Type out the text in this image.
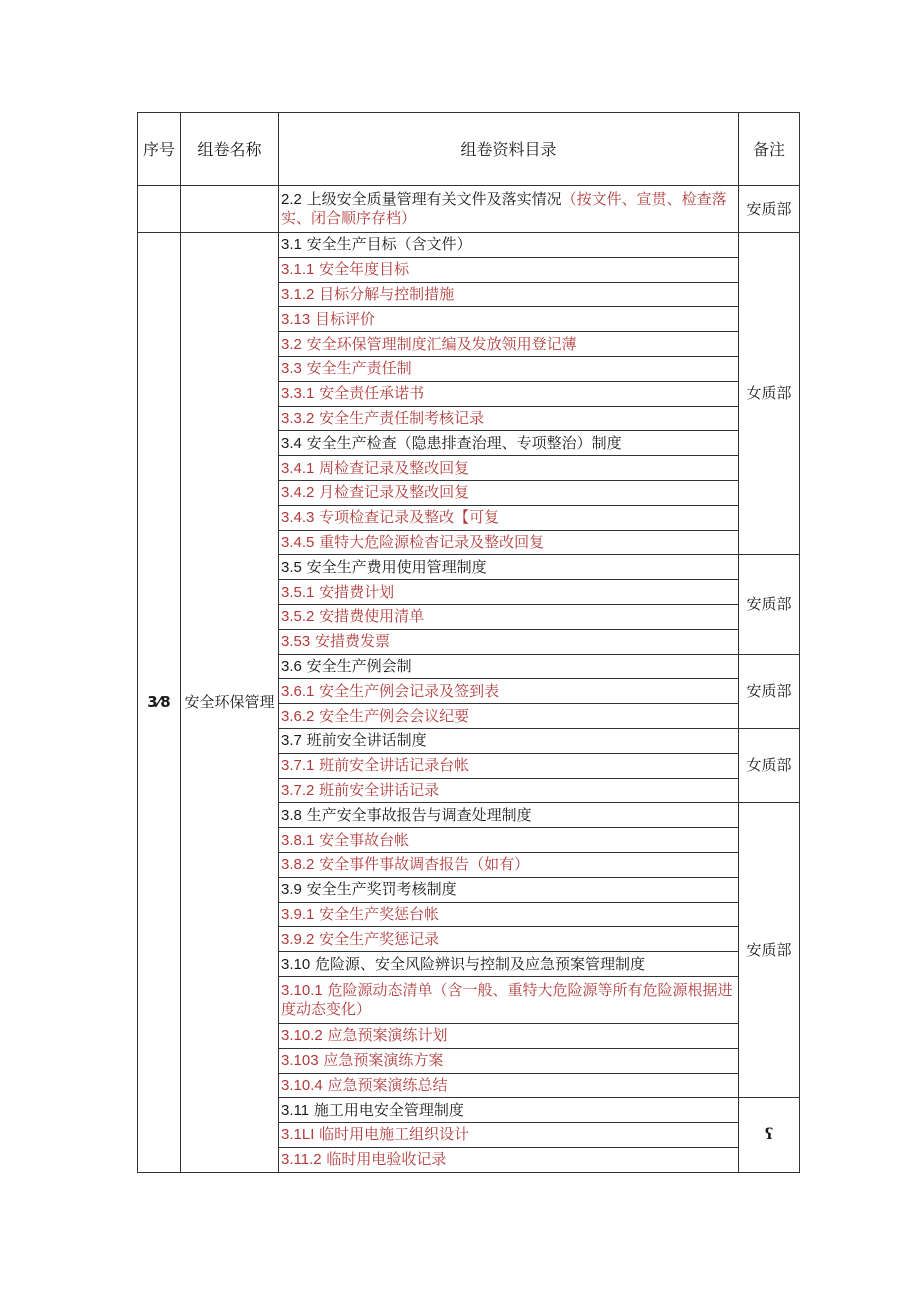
序号	组卷名称	组卷资料目录	备注
		2.2 上级安全质量管理有关文件及落实情况（按文件、宣贯、检查落实、闭合顺序存档）	安质部
3⁄8	安全环保管理	3.1 安全生产目标（含文件）	女质部
		3.1.1 安全年度目标	
		3.1.2 目标分解与控制措施	
		3.13 目标评价	
		3.2 安全环保管理制度汇编及发放领用登记薄	
		3.3 安全生产责任制	
		3.3.1 安全责任承诺书	
		3.3.2 安全生产责任制考核记录	
		3.4 安全生产检查（隐患排查治理、专项整治）制度	
		3.4.1 周检查记录及整改回复	
		3.4.2 月检查记录及整改回复	
		3.4.3 专项检查记录及整改【可复	
		3.4.5 重特大危险源检杳记录及整改回复	
		3.5 安全生产费用使用管理制度	安质部
		3.5.1 安措费计划	
		3.5.2 安措费使用清单	
		3.53 安措费发票	
		3.6 安全生产例会制	安质部
		3.6.1 安全生产例会记录及签到表	
		3.6.2 安全生产例会会议纪要	
		3.7 班前安全讲话制度	女质部
		3.7.1 班前安全讲话记录台帐	
		3.7.2 班前安全讲话记录	
		3.8 生产安全事故报告与调查处理制度	安质部
		3.8.1 安全事故台帐	
		3.8.2 安全事件事故调杳报告（如有）	
		3.9 安全生产奖罚考核制度	
		3.9.1 安全生产奖惩台帐	
		3.9.2 安全生产奖惩记录	
		3.10 危险源、安全风险辨识与控制及应急预案管理制度	
		3.10.1 危险源动态清单（含一般、重特大危险源等所有危险源根据进度动态变化）	
		3.10.2 应急预案演练计划	
		3.103 应急预案演练方案	
		3.10.4 应急预案演练总结	
		3.11 施工用电安全管理制度	ʕ
		3.1LI 临时用电施工组织设计	
		3.11.2 临时用电验收记录	
